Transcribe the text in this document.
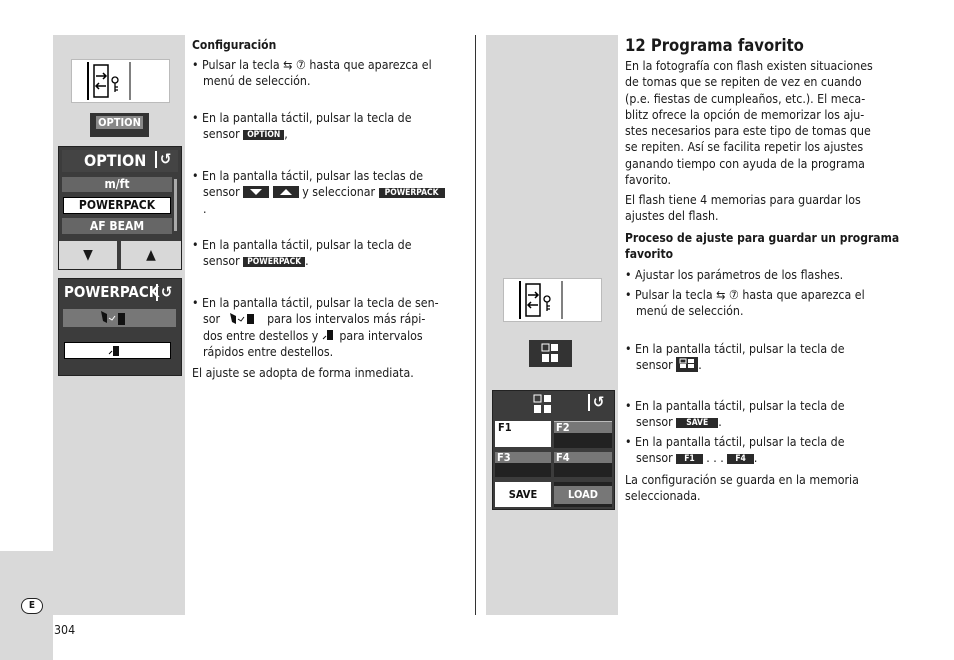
E
304
OPTION
OPTION ↺
m/ft
POWERPACK
AF BEAM
▼	▲
POWERPACK ↺
Configuración
• Pulsar la tecla ⇆ ⑦ hasta que aparezca el
menú de selección.
• En la pantalla táctil, pulsar la tecla de
sensor OPTION ,
• En la pantalla táctil, pulsar las teclas de
sensor	y seleccionar POWERPACK
.
• En la pantalla táctil, pulsar la tecla de
sensor POWERPACK .
• En la pantalla táctil, pulsar la tecla de sen-
sor	para los intervalos más rápi-
dos entre destellos y  para intervalos
rápidos entre destellos.
El ajuste se adopta de forma inmediata.
↺
F1	F2
F3	F4
SAVE	LOAD
12 Programa favorito
En la fotografía con flash existen situaciones
de tomas que se repiten de vez en cuando
(p.e. fiestas de cumpleaños, etc.). El meca-
blitz ofrece la opción de memorizar los aju-
stes necesarios para este tipo de tomas que
se repiten. Así se facilita repetir los ajustes
ganando tiempo con ayuda de la programa
favorito.
El flash tiene 4 memorias para guardar los
ajustes del flash.
Proceso de ajuste para guardar un programa
favorito
• Ajustar los parámetros de los flashes.
• Pulsar la tecla ⇆ ⑦ hasta que aparezca el
menú de selección.
• En la pantalla táctil, pulsar la tecla de
sensor .
• En la pantalla táctil, pulsar la tecla de
sensor SAVE .
• En la pantalla táctil, pulsar la tecla de
sensor F1 . . . F4 .
La configuración se guarda en la memoria
seleccionada.
